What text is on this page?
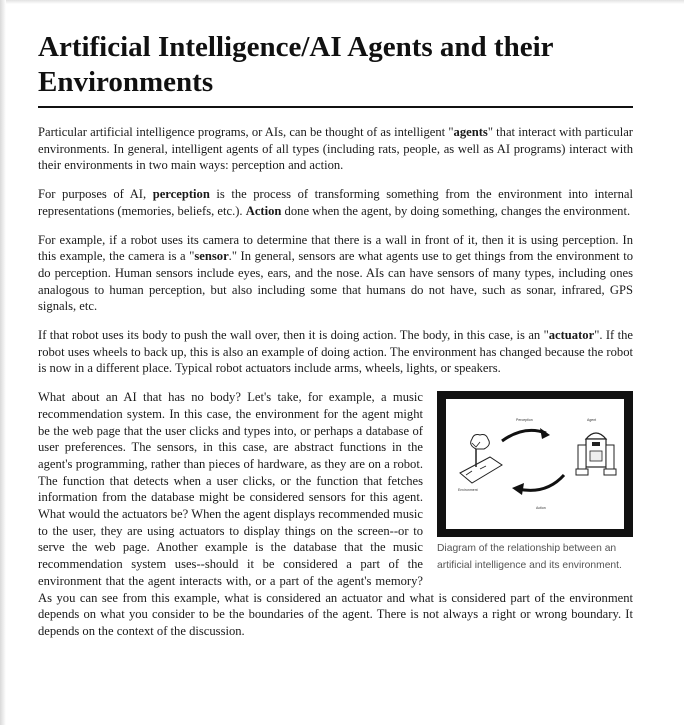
Artificial Intelligence/AI Agents and their Environments

Particular artificial intelligence programs, or AIs, can be thought of as intelligent "agents" that interact with particular environments. In general, intelligent agents of all types (including rats, people, as well as AI programs) interact with their environments in two main ways: perception and action.

For purposes of AI, perception is the process of transforming something from the environment into internal representations (memories, beliefs, etc.). Action done when the agent, by doing something, changes the environment.

For example, if a robot uses its camera to determine that there is a wall in front of it, then it is using perception. In this example, the camera is a "sensor." In general, sensors are what agents use to get things from the environment to do perception. Human sensors include eyes, ears, and the nose. AIs can have sensors of many types, including ones analogous to human perception, but also including some that humans do not have, such as sonar, infrared, GPS signals, etc.

If that robot uses its body to push the wall over, then it is doing action. The body, in this case, is an "actuator". If the robot uses wheels to back up, this is also an example of doing action. The environment has changed because the robot is now in a different place. Typical robot actuators include arms, wheels, lights, or speakers.

Perception	Agent
Environment
Action
Diagram of the relationship between an artificial intelligence and its environment.

What about an AI that has no body? Let's take, for example, a music recommendation system. In this case, the environment for the agent might be the web page that the user clicks and types into, or perhaps a database of user preferences. The sensors, in this case, are abstract functions in the agent's programming, rather than pieces of hardware, as they are on a robot. The function that detects when a user clicks, or the function that fetches information from the database might be considered sensors for this agent. What would the actuators be? When the agent displays recommended music to the user, they are using actuators to display things on the screen--or to serve the web page. Another example is the database that the music recommendation system uses--should it be considered a part of the environment that the agent interacts with, or a part of the agent's memory? As you can see from this example, what is considered an actuator and what is considered part of the environment depends on what you consider to be the boundaries of the agent. There is not always a right or wrong boundary. It depends on the context of the discussion.
